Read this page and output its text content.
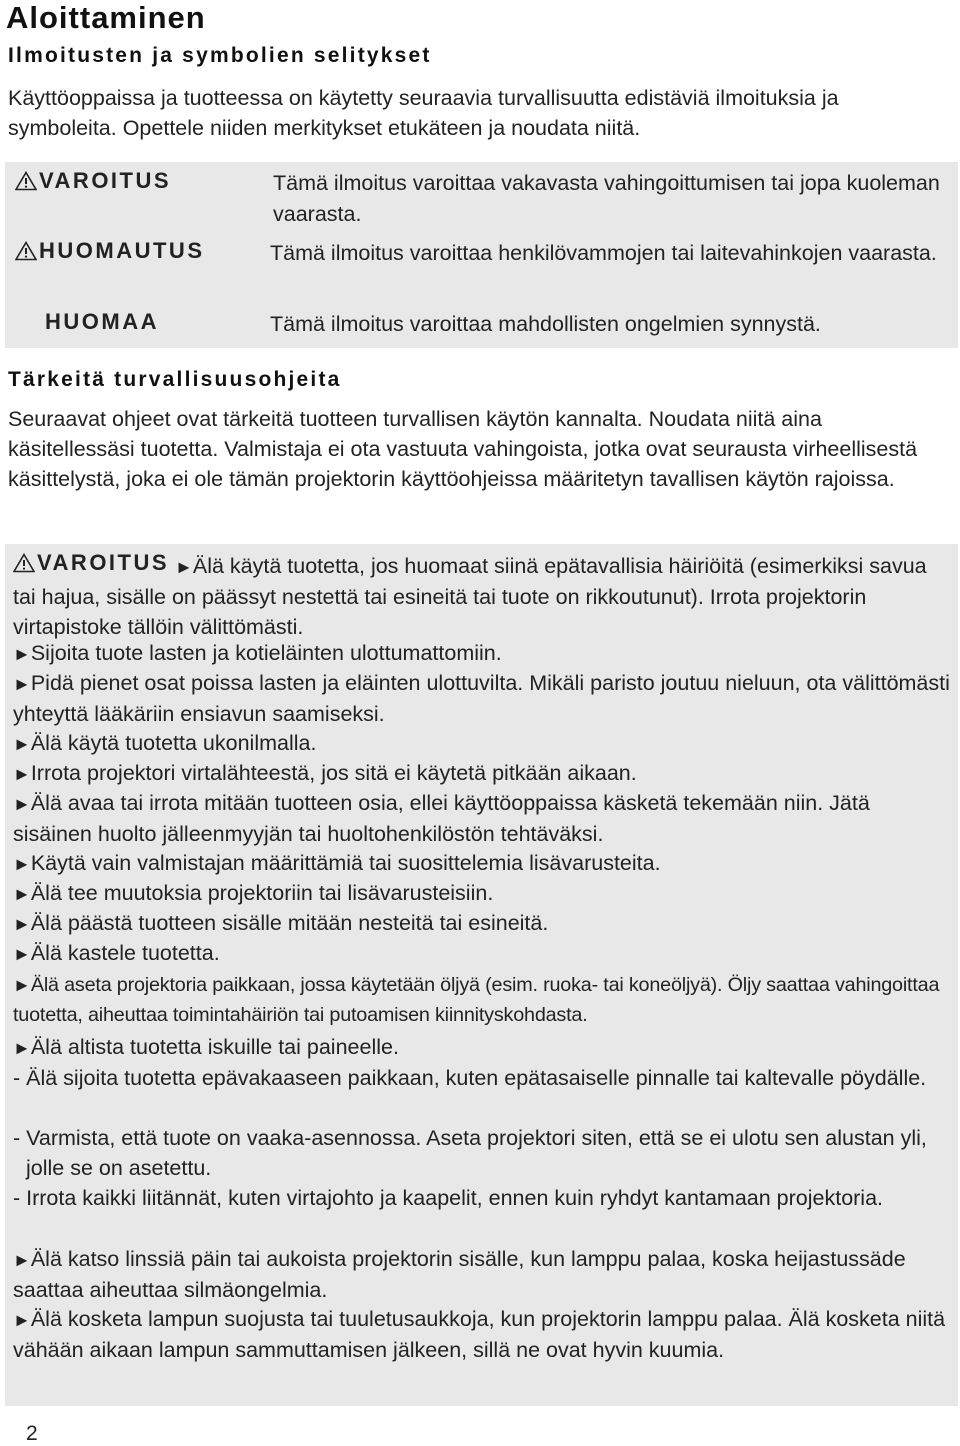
Aloittaminen
Ilmoitusten ja symbolien selitykset

Käyttöoppaissa ja tuotteessa on käytetty seuraavia turvallisuutta edistäviä ilmoituksia ja symboleita. Opettele niiden merkitykset etukäteen ja noudata niitä.

VAROITUS	Tämä ilmoitus varoittaa vakavasta vahingoittumisen tai jopa kuoleman vaarasta.

HUOMAUTUS	Tämä ilmoitus varoittaa henkilövammojen tai laitevahinkojen vaarasta.

HUOMAA	Tämä ilmoitus varoittaa mahdollisten ongelmien synnystä.

Tärkeitä turvallisuusohjeita

Seuraavat ohjeet ovat tärkeitä tuotteen turvallisen käytön kannalta. Noudata niitä aina käsitellessäsi tuotetta. Valmistaja ei ota vastuuta vahingoista, jotka ovat seurausta virheellisestä käsittelystä, joka ei ole tämän projektorin käyttöohjeissa määritetyn tavallisen käytön rajoissa.

VAROITUS ►Älä käytä tuotetta, jos huomaat siinä epätavallisia häiriöitä (esimerkiksi savua tai hajua, sisälle on päässyt nestettä tai esineitä tai tuote on rikkoutunut). Irrota projektorin virtapistoke tällöin välittömästi.

►Sijoita tuote lasten ja kotieläinten ulottumattomiin.

►Pidä pienet osat poissa lasten ja eläinten ulottuvilta. Mikäli paristo joutuu nieluun, ota välittömästi yhteyttä lääkäriin ensiavun saamiseksi.

►Älä käytä tuotetta ukonilmalla.

►Irrota projektori virtalähteestä, jos sitä ei käytetä pitkään aikaan.

►Älä avaa tai irrota mitään tuotteen osia, ellei käyttöoppaissa käsketä tekemään niin. Jätä sisäinen huolto jälleenmyyjän tai huoltohenkilöstön tehtäväksi.

►Käytä vain valmistajan määrittämiä tai suosittelemia lisävarusteita.

►Älä tee muutoksia projektoriin tai lisävarusteisiin.

►Älä päästä tuotteen sisälle mitään nesteitä tai esineitä.

►Älä kastele tuotetta.

►Älä aseta projektoria paikkaan, jossa käytetään öljyä (esim. ruoka- tai koneöljyä). Öljy saattaa vahingoittaa tuotetta, aiheuttaa toimintahäiriön tai putoamisen kiinnityskohdasta.

►Älä altista tuotetta iskuille tai paineelle.

- Älä sijoita tuotetta epävakaaseen paikkaan, kuten epätasaiselle pinnalle tai kaltevalle pöydälle.

- Varmista, että tuote on vaaka-asennossa. Aseta projektori siten, että se ei ulotu sen alustan yli, jolle se on asetettu.

- Irrota kaikki liitännät, kuten virtajohto ja kaapelit, ennen kuin ryhdyt kantamaan projektoria.

►Älä katso linssiä päin tai aukoista projektorin sisälle, kun lamppu palaa, koska heijastussäde saattaa aiheuttaa silmäongelmia.

►Älä kosketa lampun suojusta tai tuuletusaukkoja, kun projektorin lamppu palaa. Älä kosketa niitä vähään aikaan lampun sammuttamisen jälkeen, sillä ne ovat hyvin kuumia.

2
